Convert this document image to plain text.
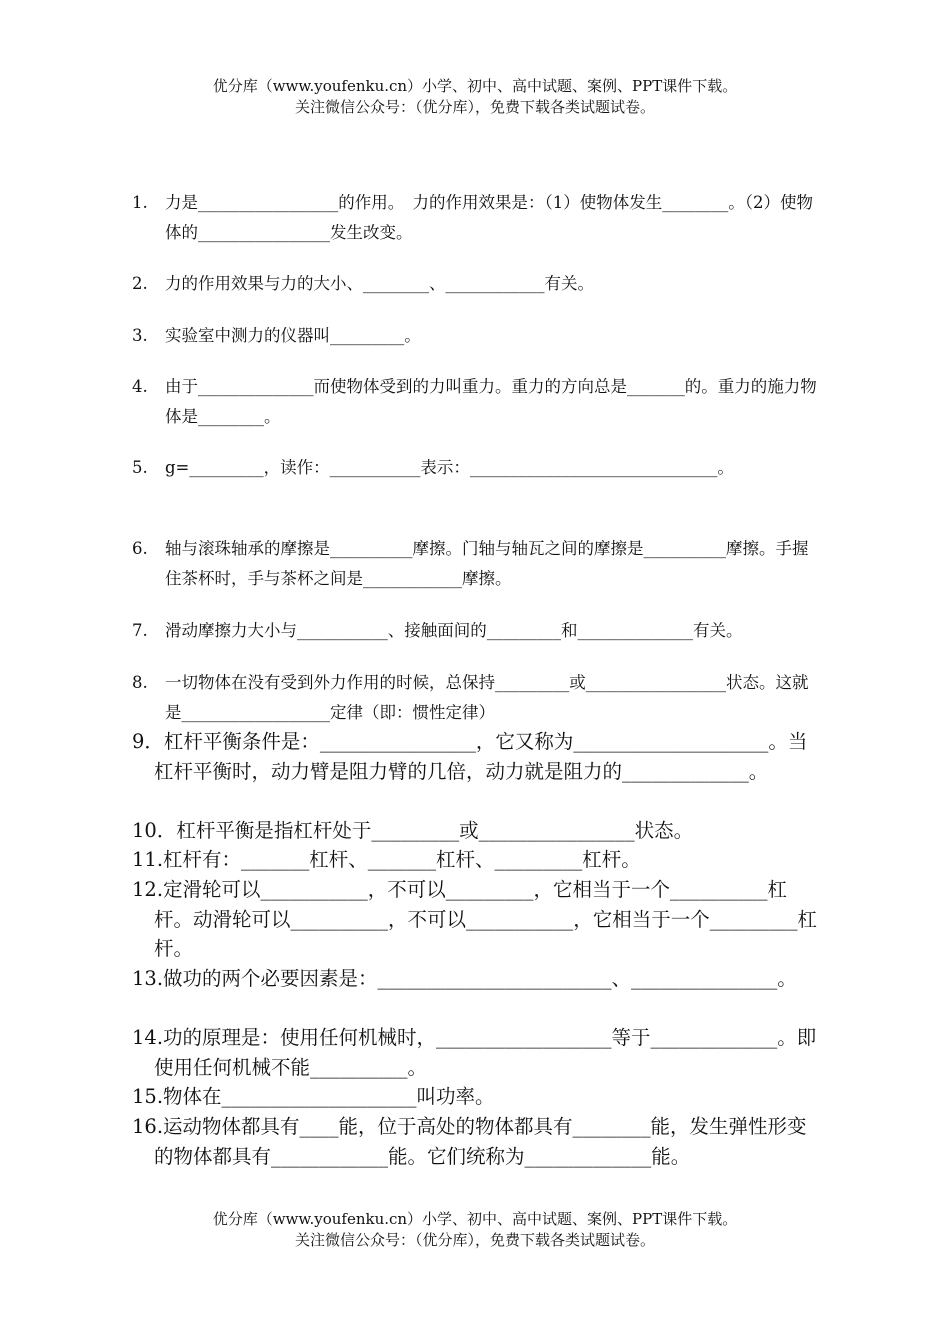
优分库（www.youfenku.cn）小学、初中、高中试题、案例、PPT课件下载。
关注微信公众号：（优分库），免费下载各类试题试卷。
1. 力是_________________的作用。　力的作用效果是：（1）使物体发生________。（2）使物体的________________发生改变。
2. 力的作用效果与力的大小、________、____________有关。
3. 实验室中测力的仪器叫_________。
4. 由于______________而使物体受到的力叫重力。重力的方向总是_______的。重力的施力物体是________。
5. g=_________，读作：___________表示：______________________________。
6. 轴与滚珠轴承的摩擦是__________摩擦。门轴与轴瓦之间的摩擦是__________摩擦。手握住茶杯时，手与茶杯之间是____________摩擦。
7. 滑动摩擦力大小与___________、接触面间的_________和______________有关。
8. 一切物体在没有受到外力作用的时候，总保持_________或_________________状态。这就是__________________定律（即：惯性定律）
9．杠杆平衡条件是：________________，它又称为____________________。当杠杆平衡时，动力臂是阻力臂的几倍，动力就是阻力的_____________。
10．杠杆平衡是指杠杆处于_________或________________状态。
11.杠杆有：_______杠杆、_______杠杆、_________杠杆。
12.定滑轮可以___________，不可以_________，它相当于一个__________杠杆。动滑轮可以__________，不可以___________，它相当于一个_________杠杆。
13.做功的两个必要因素是：________________________、_______________。
14.功的原理是：使用任何机械时，__________________等于_____________。即使用任何机械不能__________。
15.物体在____________________叫功率。
16.运动物体都具有____能，位于高处的物体都具有________能，发生弹性形变的物体都具有____________能。它们统称为_____________能。
优分库（www.youfenku.cn）小学、初中、高中试题、案例、PPT课件下载。
关注微信公众号：（优分库），免费下载各类试题试卷。
